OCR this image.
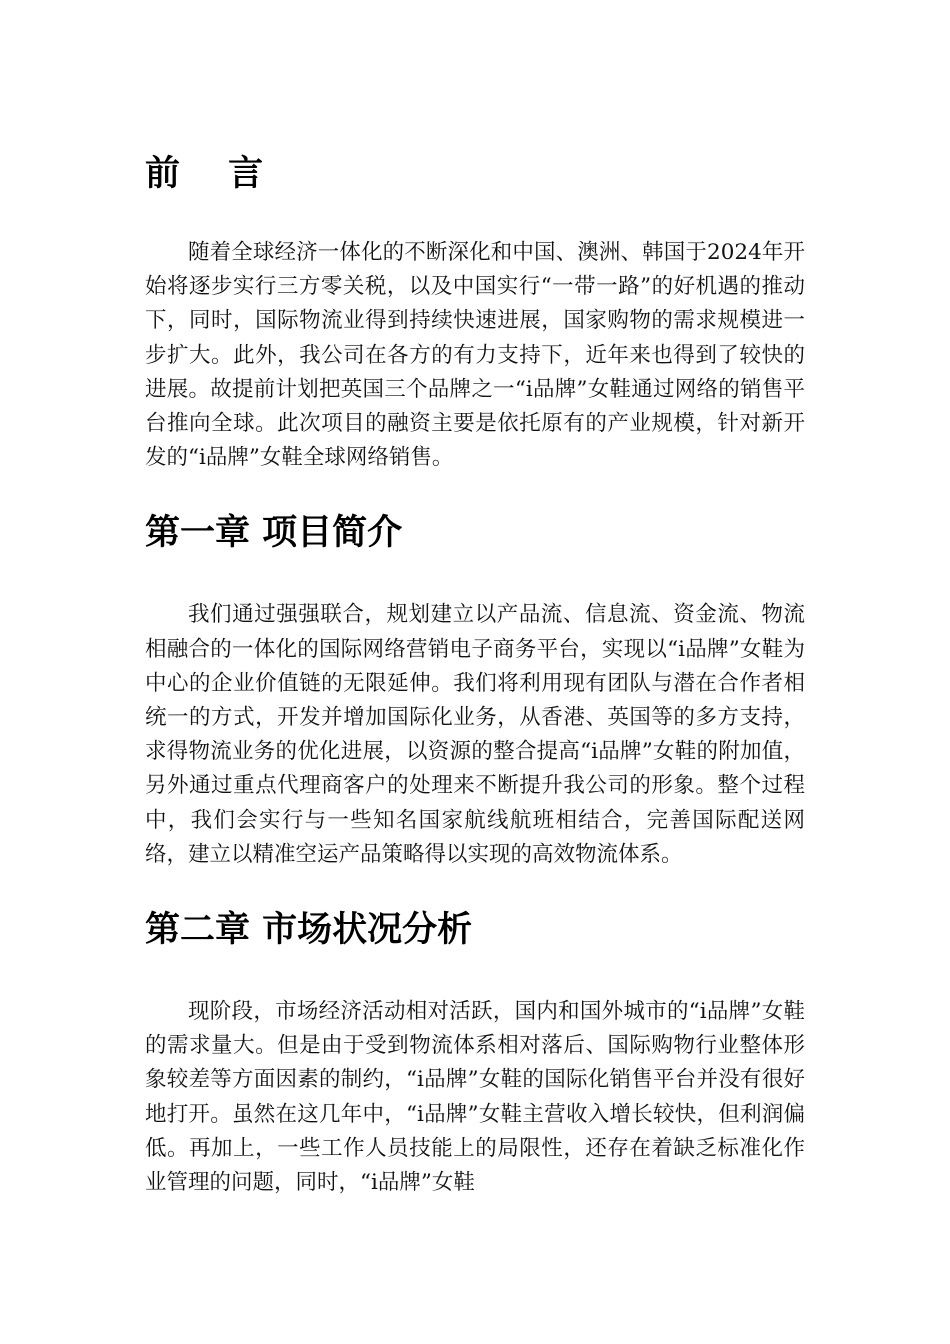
前 言

随着全球经济一体化的不断深化和中国、澳洲、韩国于2024年开始将逐步实行三方零关税，以及中国实行“一带一路”的好机遇的推动下，同时，国际物流业得到持续快速进展，国家购物的需求规模进一步扩大。此外，我公司在各方的有力支持下，近年来也得到了较快的进展。故提前计划把英国三个品牌之一“i品牌”女鞋通过网络的销售平台推向全球。此次项目的融资主要是依托原有的产业规模，针对新开发的“i品牌”女鞋全球网络销售。

第一章 项目简介

我们通过强强联合，规划建立以产品流、信息流、资金流、物流相融合的一体化的国际网络营销电子商务平台，实现以“i品牌”女鞋为中心的企业价值链的无限延伸。我们将利用现有团队与潜在合作者相统一的方式，开发并增加国际化业务，从香港、英国等的多方支持，求得物流业务的优化进展，以资源的整合提高“i品牌”女鞋的附加值，另外通过重点代理商客户的处理来不断提升我公司的形象。整个过程中，我们会实行与一些知名国家航线航班相结合，完善国际配送网络，建立以精准空运产品策略得以实现的高效物流体系。

第二章 市场状况分析

现阶段，市场经济活动相对活跃，国内和国外城市的“i品牌”女鞋的需求量大。但是由于受到物流体系相对落后、国际购物行业整体形象较差等方面因素的制约，“i品牌”女鞋的国际化销售平台并没有很好地打开。虽然在这几年中，“i品牌”女鞋主营收入增长较快，但利润偏低。再加上，一些工作人员技能上的局限性，还存在着缺乏标准化作业管理的问题，同时，“i品牌”女鞋
